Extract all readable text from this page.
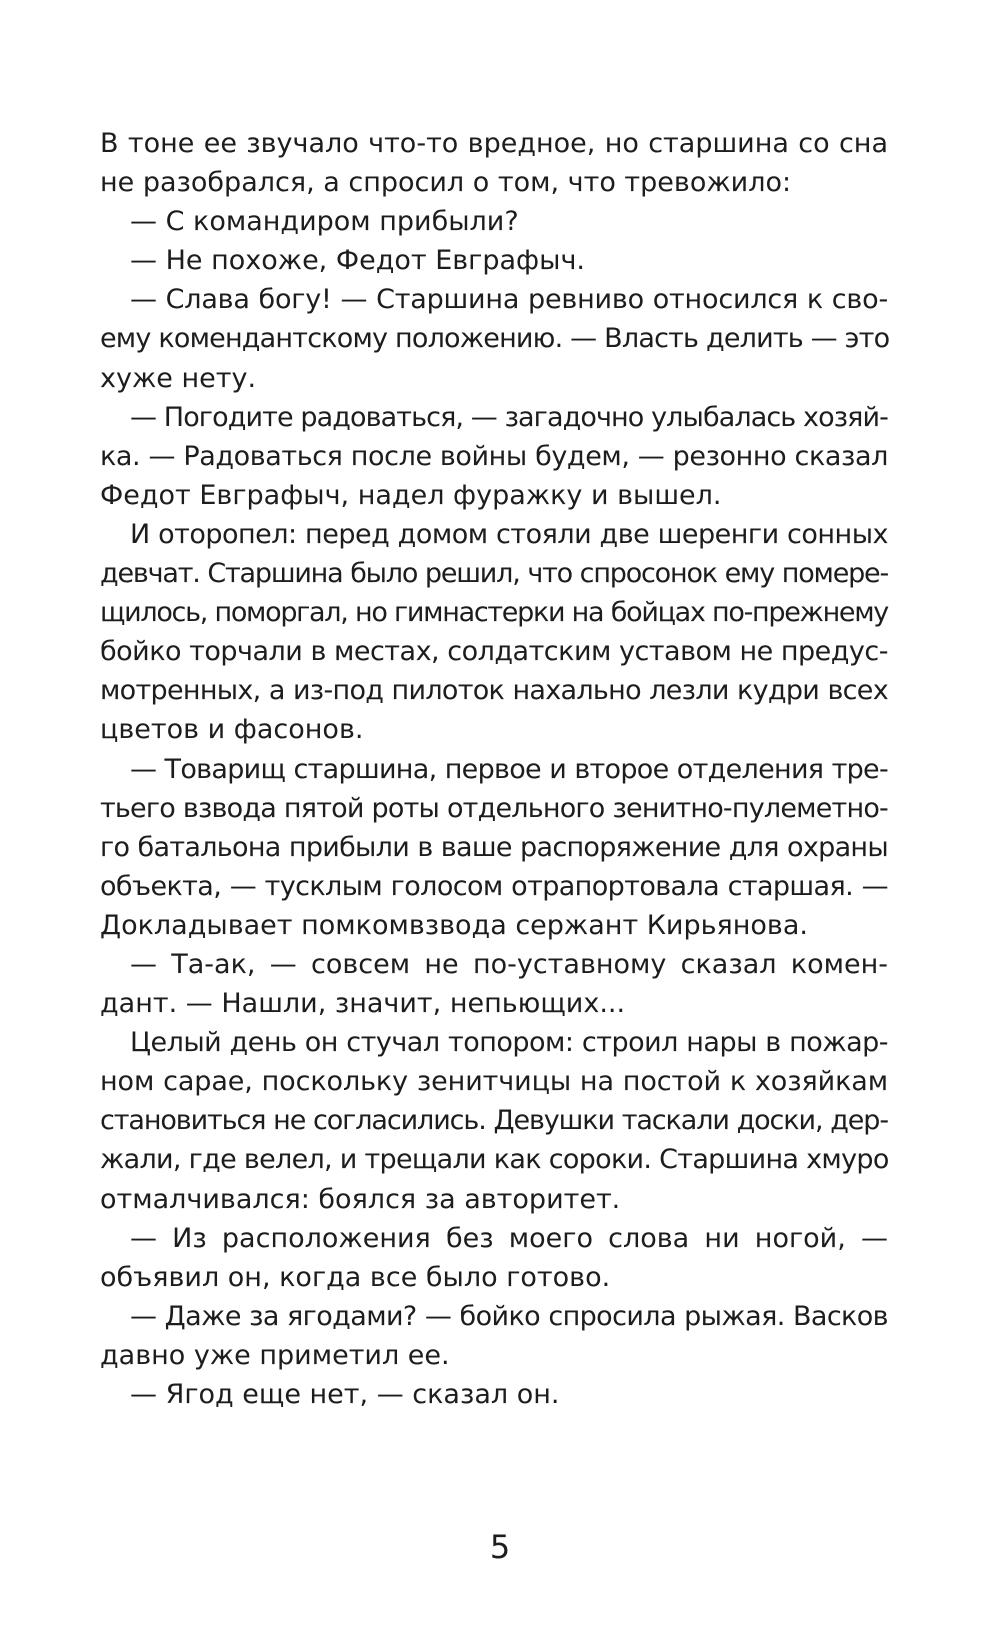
В тоне ее звучало что-то вредное, но старшина со сна
не разобрался, а спросил о том, что тревожило:
— С командиром прибыли?
— Не похоже, Федот Евграфыч.
— Слава богу! — Старшина ревниво относился к сво-
ему комендантскому положению. — Власть делить — это
хуже нету.
— Погодите радоваться, — загадочно улыбалась хозяй-
ка. — Радоваться после войны будем, — резонно сказал
Федот Евграфыч, надел фуражку и вышел.
И оторопел: перед домом стояли две шеренги сонных
девчат. Старшина было решил, что спросонок ему померe-
щилось, поморгал, но гимнастерки на бойцах по-прежнему
бойко торчали в местах, солдатским уставом не предус-
мотренных, а из-под пилоток нахально лезли кудри всех
цветов и фасонов.
— Товарищ старшина, первое и второе отделения тре-
тьего взвода пятой роты отдельного зенитно-пулеметно-
го батальона прибыли в ваше распоряжение для охраны
объекта, — тусклым голосом отрапортовала старшая. —
Докладывает помкомвзвода сержант Кирьянова.
— Та-ак, — совсем не по-уставному сказал комен-
дант. — Нашли, значит, непьющих...
Целый день он стучал топором: строил нары в пожар-
ном сарае, поскольку зенитчицы на постой к хозяйкам
становиться не согласились. Девушки таскали доски, дер-
жали, где велел, и трещали как сороки. Старшина хмуро
отмалчивался: боялся за авторитет.
— Из расположения без моего слова ни ногой, —
объявил он, когда все было готово.
— Даже за ягодами? — бойко спросила рыжая. Васков
давно уже приметил ее.
— Ягод еще нет, — сказал он.
5
